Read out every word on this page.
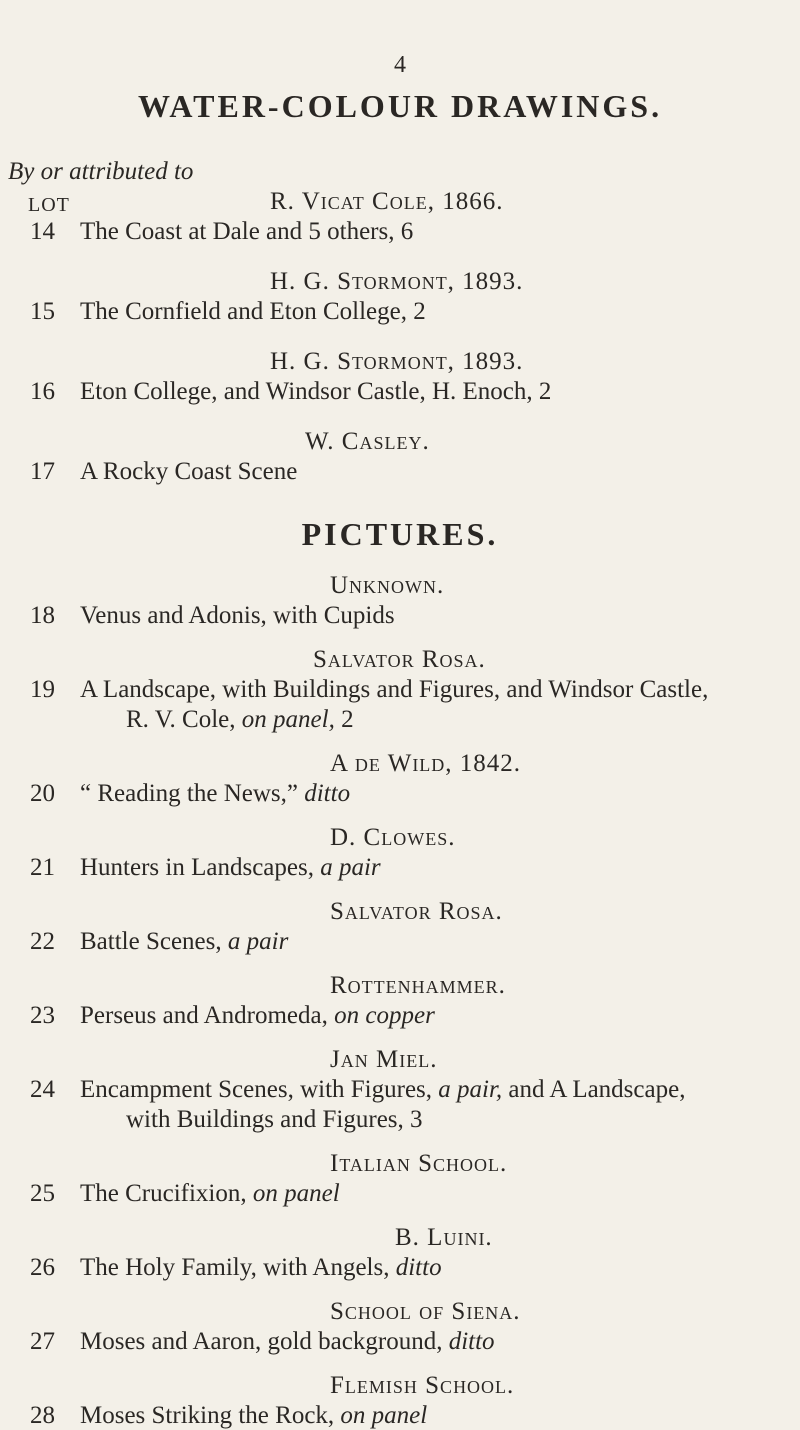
4
WATER-COLOUR DRAWINGS.
By or attributed to
LOT
PICTURES.
R. Vicat Cole, 1866.
14	The Coast at Dale and 5 others, 6
H. G. Stormont, 1893.
15	The Cornfield and Eton College, 2
H. G. Stormont, 1893.
16	Eton College, and Windsor Castle, H. Enoch, 2
W. Casley.
17	A Rocky Coast Scene
Unknown.
18	Venus and Adonis, with Cupids
Salvator Rosa.
19	A Landscape, with Buildings and Figures, and Windsor Castle,
R. V. Cole, on panel, 2
A de Wild, 1842.
20	“ Reading the News,” ditto
D. Clowes.
21	Hunters in Landscapes, a pair
Salvator Rosa.
22	Battle Scenes, a pair
Rottenhammer.
23	Perseus and Andromeda, on copper
Jan Miel.
24	Encampment Scenes, with Figures, a pair, and A Landscape,
with Buildings and Figures, 3
Italian School.
25	The Crucifixion, on panel
B. Luini.
26	The Holy Family, with Angels, ditto
School of Siena.
27	Moses and Aaron, gold background, ditto
Flemish School.
28	Moses Striking the Rock, on panel
